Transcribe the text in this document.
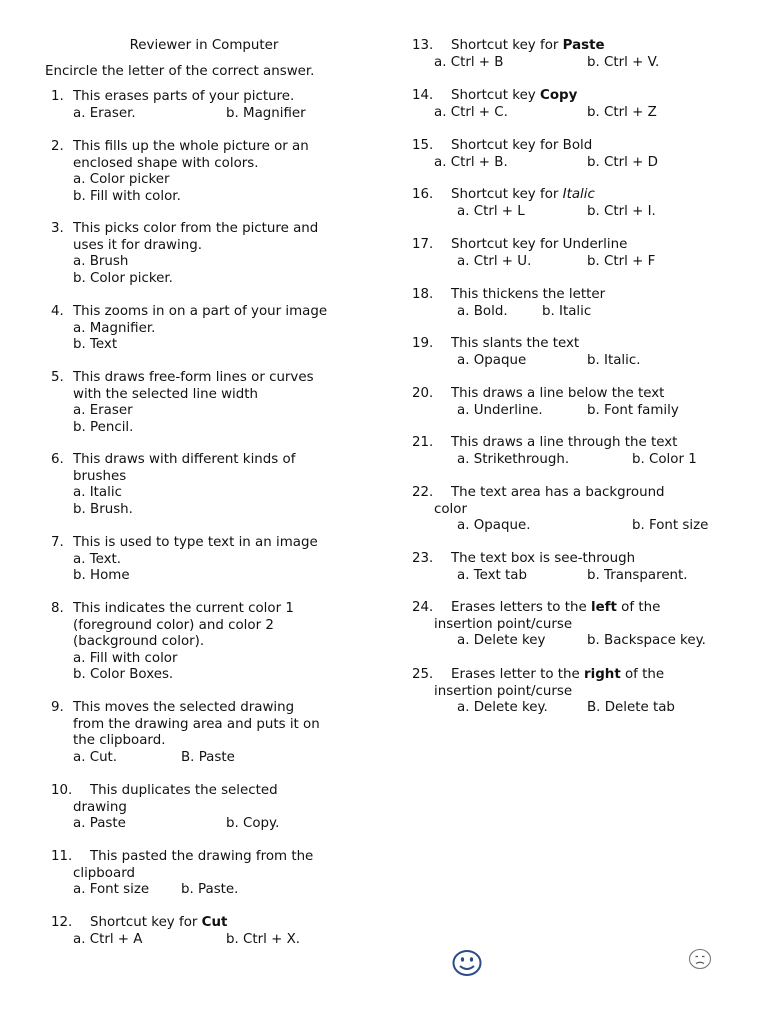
Reviewer in Computer
Encircle the letter of the correct answer.
1. This erases parts of your picture.
a. Eraser.	b. Magnifier
2. This fills up the whole picture or an
enclosed shape with colors.
a. Color picker
b. Fill with color.
3. This picks color from the picture and
uses it for drawing.
a. Brush
b. Color picker.
4. This zooms in on a part of your image
a. Magnifier.
b. Text
5. This draws free-form lines or curves
with the selected line width
a. Eraser
b. Pencil.
6. This draws with different kinds of
brushes
a. Italic
b. Brush.
7. This is used to type text in an image
a. Text.
b. Home
8. This indicates the current color 1
(foreground color) and color 2
(background color).
a. Fill with color
b. Color Boxes.
9. This moves the selected drawing
from the drawing area and puts it on
the clipboard.
a. Cut.	B. Paste
10. This duplicates the selected
drawing
a. Paste	b. Copy.
11. This pasted the drawing from the
clipboard
a. Font size b. Paste.
12. Shortcut key for Cut
a. Ctrl + A	b. Ctrl + X.
13. Shortcut key for Paste
a. Ctrl + B	b. Ctrl + V.
14. Shortcut key Copy
a. Ctrl + C.	b. Ctrl + Z
15. Shortcut key for Bold
a. Ctrl + B.	b. Ctrl + D
16. Shortcut key for Italic
a. Ctrl + L	b. Ctrl + I.
17. Shortcut key for Underline
a. Ctrl + U.	b. Ctrl + F
18. This thickens the letter
a. Bold.	b. Italic
19. This slants the text
a. Opaque	b. Italic.
20. This draws a line below the text
a. Underline.	b. Font family
21. This draws a line through the text
a. Strikethrough.	b. Color 1
22. The text area has a background
color
a. Opaque.	b. Font size
23. The text box is see-through
a. Text tab	b. Transparent.
24. Erases letters to the left of the
insertion point/curse
a. Delete key	b. Backspace key.
25. Erases letter to the right of the
insertion point/curse
a. Delete key.	B. Delete tab
